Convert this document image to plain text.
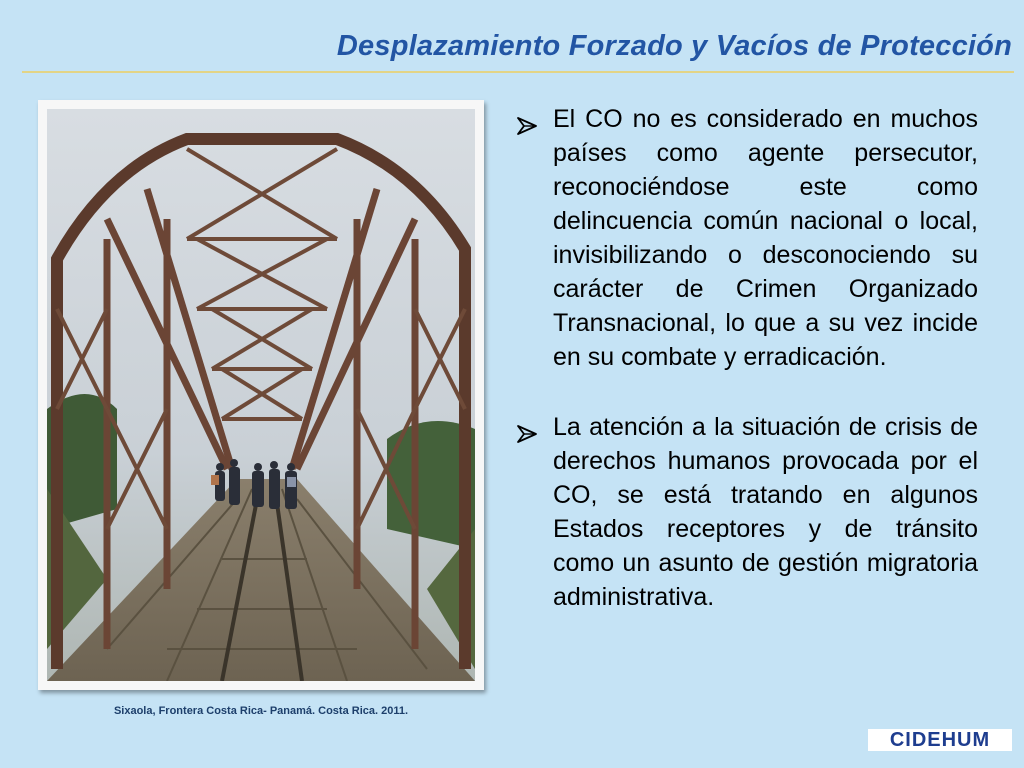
Desplazamiento Forzado y Vacíos de Protección
Sixaola, Frontera Costa Rica- Panamá. Costa Rica. 2011.
El CO no es considerado en muchos países como agente persecutor, reconociéndose este como delincuencia común nacional o local, invisibilizando o desconociendo su carácter de Crimen Organizado Transnacional, lo que a su vez incide en su combate y erradicación.
La atención a la situación de crisis de derechos humanos provocada por el CO, se está tratando en algunos Estados receptores y de tránsito como un asunto de gestión migratoria administrativa.
CIDEHUM
